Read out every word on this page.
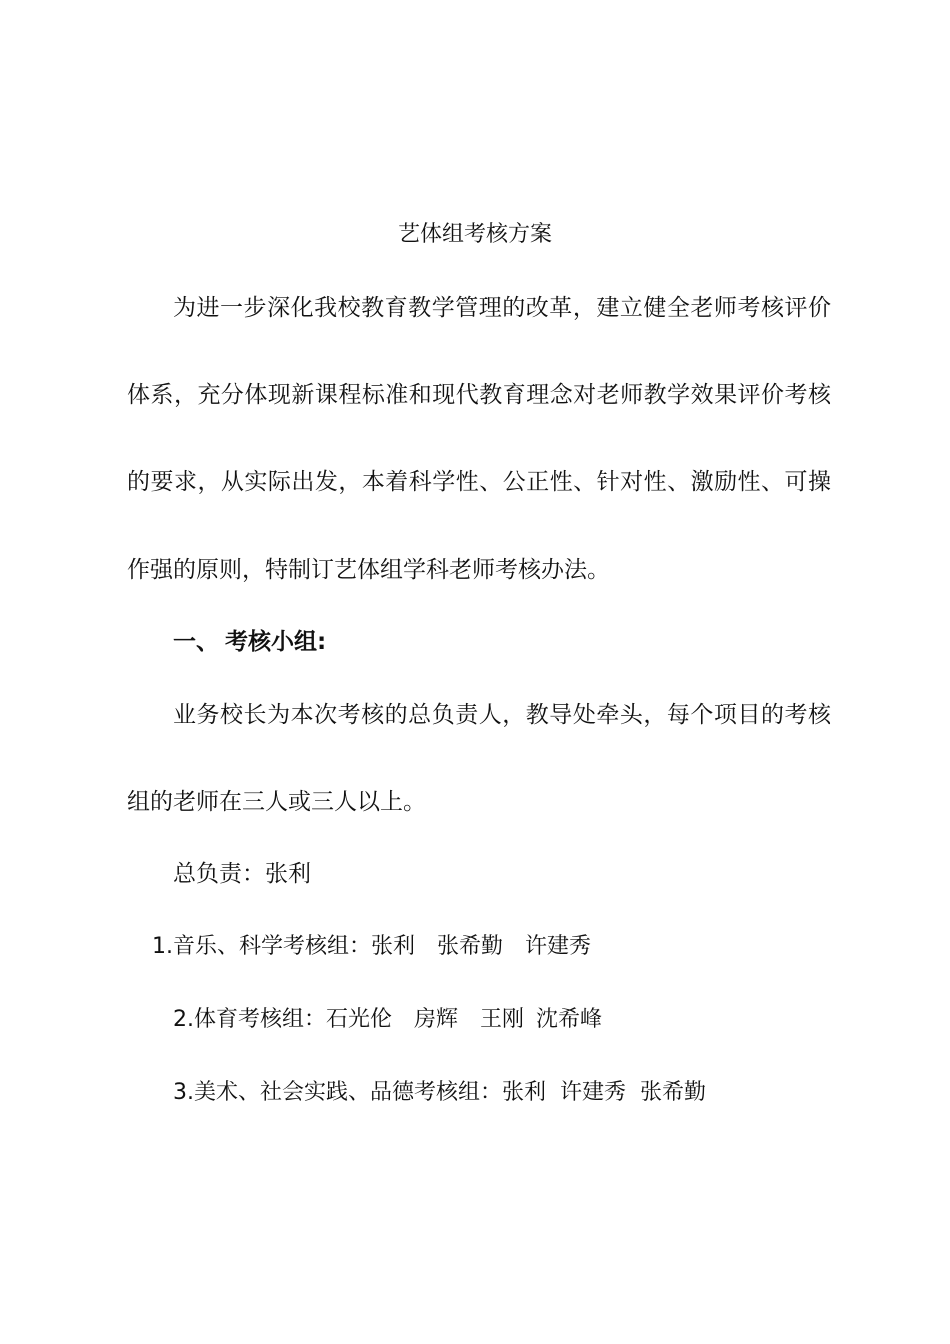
艺体组考核方案
为进一步深化我校教育教学管理的改革，建立健全老师考核评价
体系，充分体现新课程标准和现代教育理念对老师教学效果评价考核
的要求，从实际出发，本着科学性、公正性、针对性、激励性、可操
作强的原则，特制订艺体组学科老师考核办法。
一、 考核小组:
业务校长为本次考核的总负责人，教导处牵头，每个项目的考核
组的老师在三人或三人以上。
总负责：张利
1.音乐、科学考核组：张利 张希勤 许建秀
2.体育考核组：石光伦 房辉 王刚 沈希峰
3.美术、社会实践、品德考核组：张利 许建秀 张希勤
